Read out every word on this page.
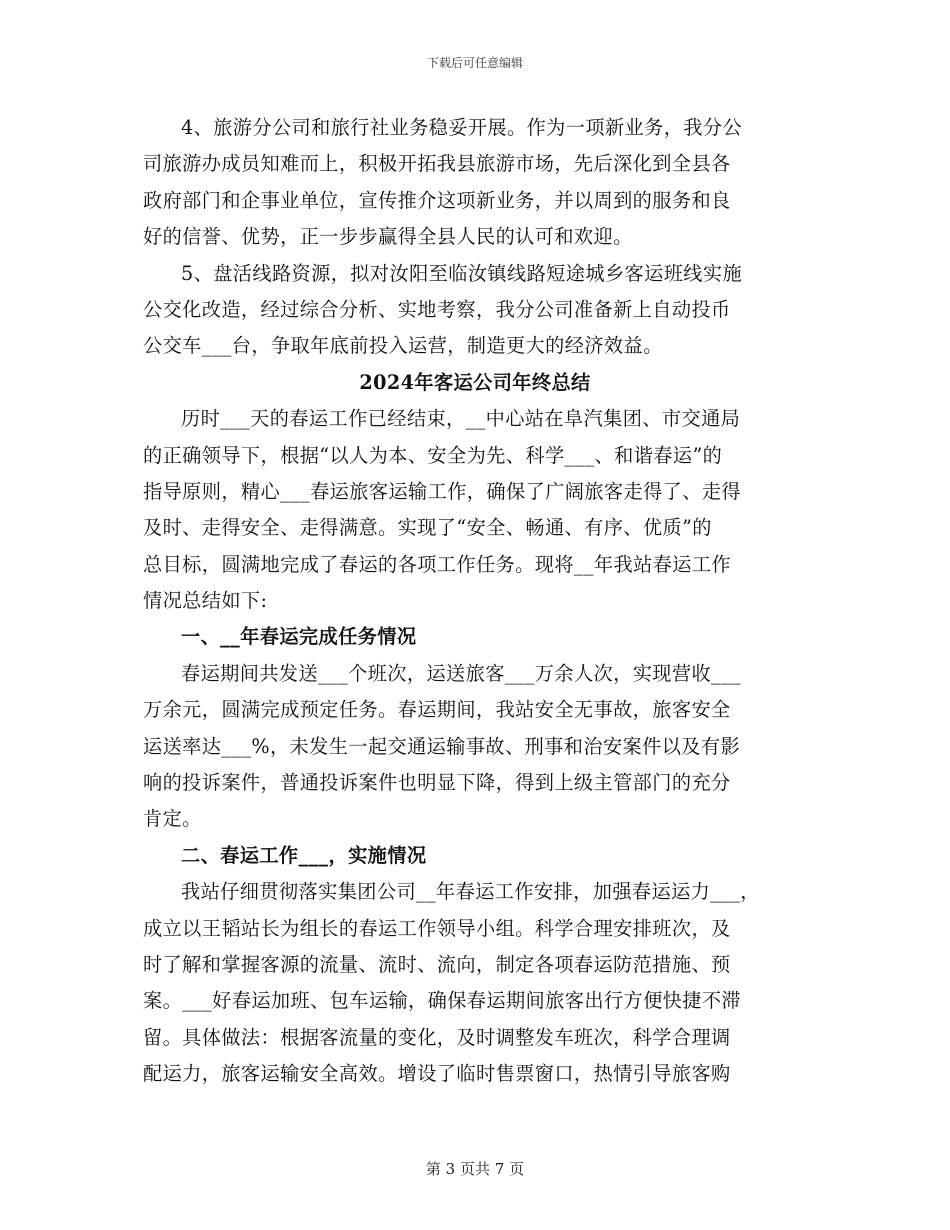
下载后可任意编辑
4、旅游分公司和旅行社业务稳妥开展。作为一项新业务，我分公
司旅游办成员知难而上，积极开拓我县旅游市场，先后深化到全县各
政府部门和企事业单位，宣传推介这项新业务，并以周到的服务和良
好的信誉、优势，正一步步赢得全县人民的认可和欢迎。
5、盘活线路资源，拟对汝阳至临汝镇线路短途城乡客运班线实施
公交化改造，经过综合分析、实地考察，我分公司准备新上自动投币
公交车___台，争取年底前投入运营，制造更大的经济效益。
2024年客运公司年终总结
历时___天的春运工作已经结束，__中心站在阜汽集团、市交通局
的正确领导下，根据“以人为本、安全为先、科学___、和谐春运”的
指导原则，精心___春运旅客运输工作，确保了广阔旅客走得了、走得
及时、走得安全、走得满意。实现了“安全、畅通、有序、优质”的
总目标，圆满地完成了春运的各项工作任务。现将__年我站春运工作
情况总结如下:
一、__年春运完成任务情况
春运期间共发送___个班次，运送旅客___万余人次，实现营收___
万余元，圆满完成预定任务。春运期间，我站安全无事故，旅客安全
运送率达___%，未发生一起交通运输事故、刑事和治安案件以及有影
响的投诉案件，普通投诉案件也明显下降，得到上级主管部门的充分
肯定。
二、春运工作___，实施情况
我站仔细贯彻落实集团公司__年春运工作安排，加强春运运力___，
成立以王韬站长为组长的春运工作领导小组。科学合理安排班次，及
时了解和掌握客源的流量、流时、流向，制定各项春运防范措施、预
案。___好春运加班、包车运输，确保春运期间旅客出行方便快捷不滞
留。具体做法：根据客流量的变化，及时调整发车班次，科学合理调
配运力，旅客运输安全高效。增设了临时售票窗口，热情引导旅客购
第 3 页共 7 页
